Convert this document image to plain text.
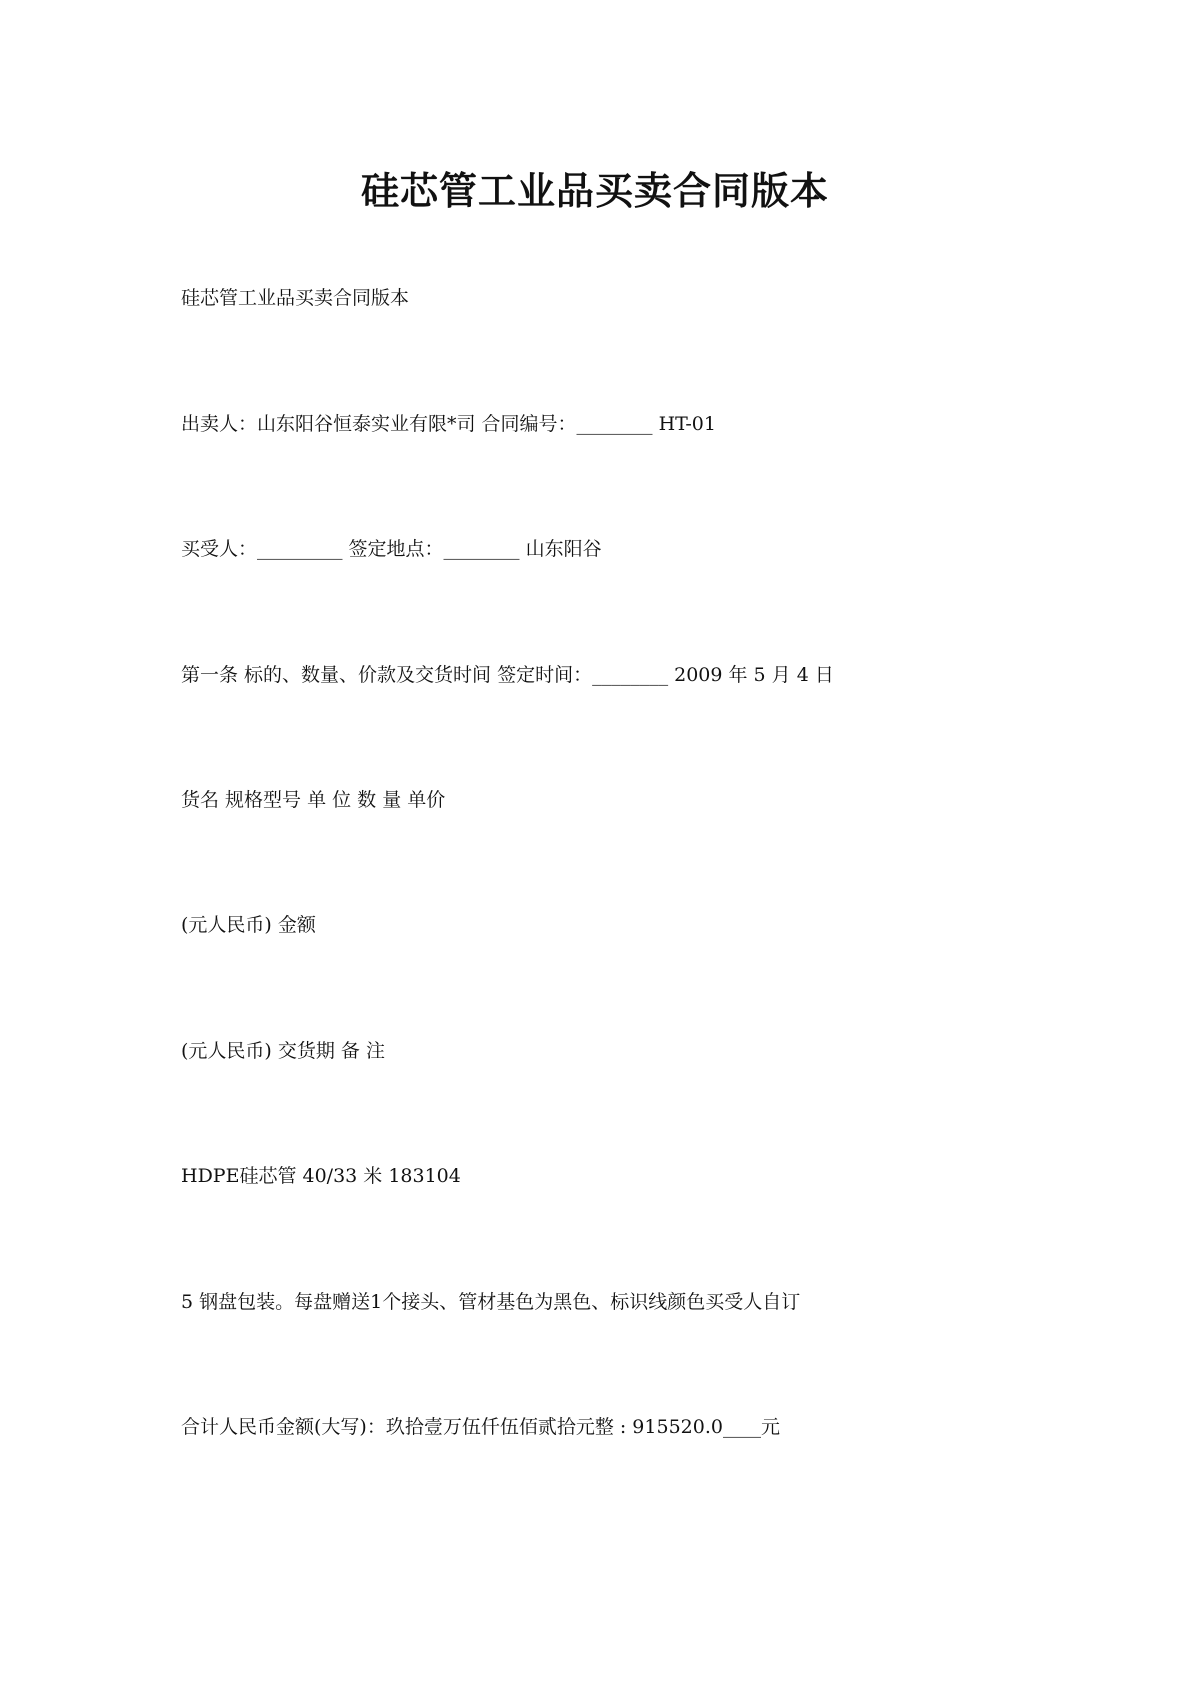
硅芯管工业品买卖合同版本
硅芯管工业品买卖合同版本
出卖人：山东阳谷恒泰实业有限*司 合同编号：________ HT-01
买受人：_________ 签定地点：________ 山东阳谷
第一条 标的、数量、价款及交货时间 签定时间：________ 2009 年 5 月 4 日
货名 规格型号 单 位 数 量 单价
(元人民币) 金额
(元人民币) 交货期 备 注
HDPE硅芯管 40/33 米 183104
5 钢盘包装。每盘赠送1个接头、管材基色为黑色、标识线颜色买受人自订
合计人民币金额(大写)：玖拾壹万伍仟伍佰贰拾元整 : 915520.0____元
